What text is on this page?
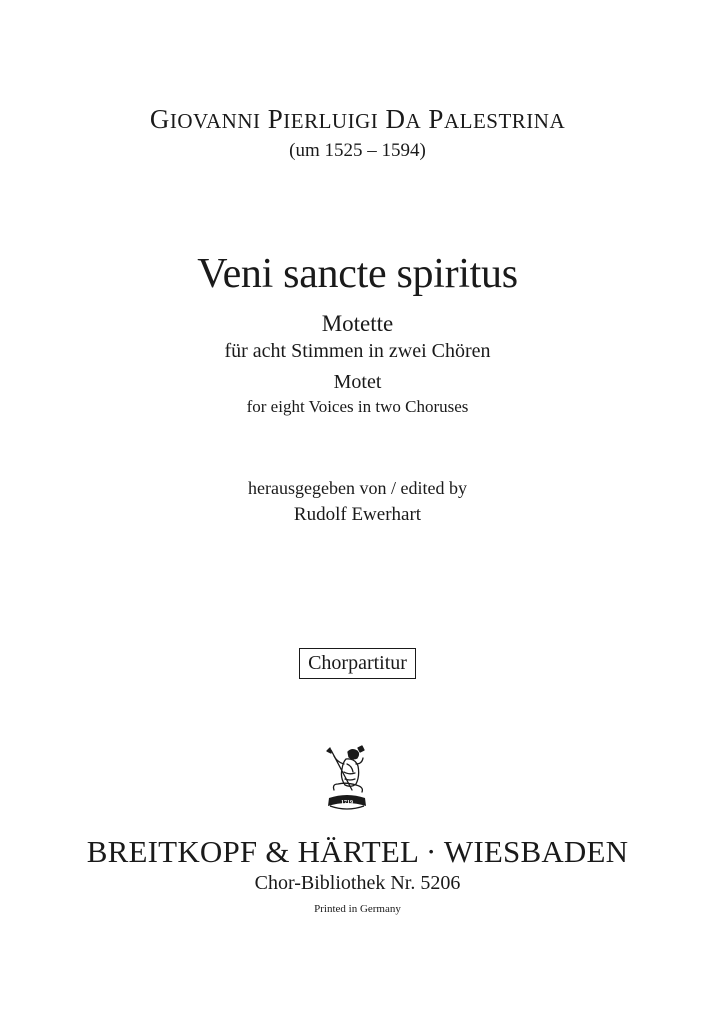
GIOVANNI PIERLUIGI DA PALESTRINA
(um 1525 – 1594)
Veni sancte spiritus
Motette
für acht Stimmen in zwei Chören
Motet
for eight Voices in two Choruses
herausgegeben von / edited by
Rudolf Ewerhart
Chorpartitur
1719
BREITKOPF & HÄRTEL · WIESBADEN
Chor-Bibliothek Nr. 5206
Printed in Germany
